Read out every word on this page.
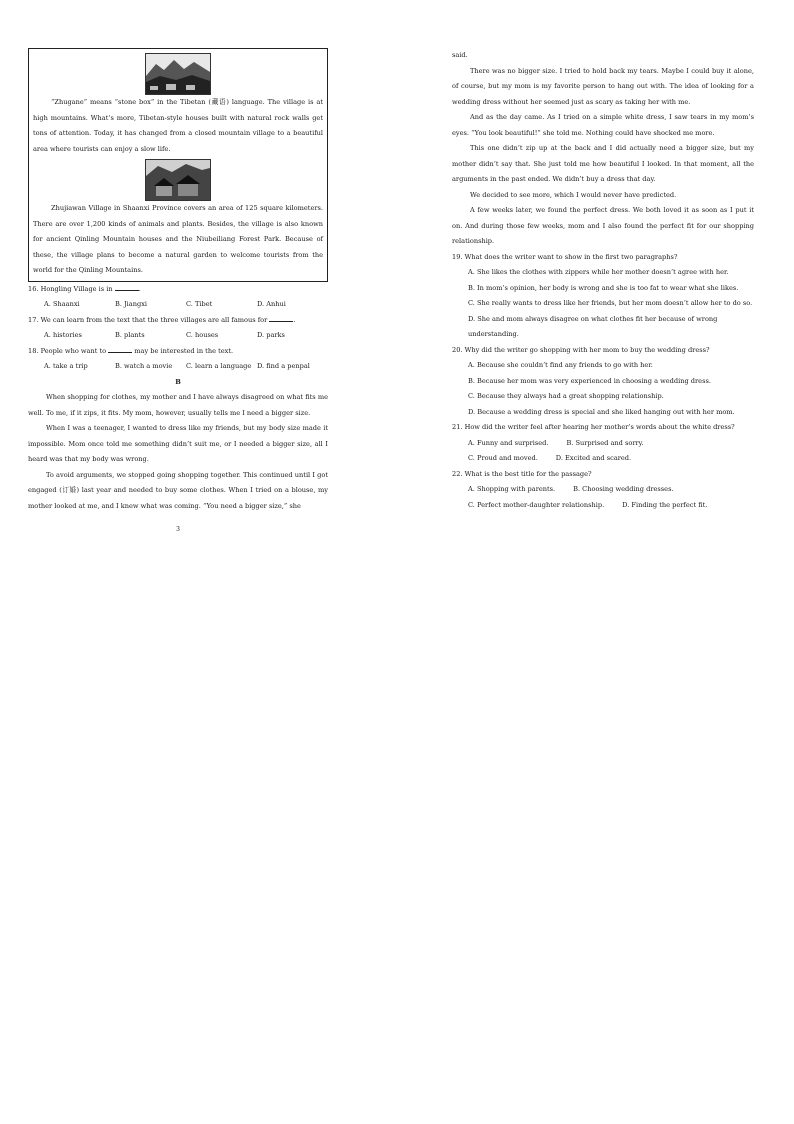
“Zhugane” means “stone box” in the Tibetan (藏语) language. The village is at high mountains. What’s more, Tibetan-style houses built with natural rock walls get tons of attention. Today, it has changed from a closed mountain village to a beautiful area where tourists can enjoy a slow life.

Zhujiawan Village in Shaanxi Province covers an area of 125 square kilometers. There are over 1,200 kinds of animals and plants. Besides, the village is also known for ancient Qinling Mountain houses and the Niubeiliang Forest Park. Because of these, the village plans to become a natural garden to welcome tourists from the world for the Qinling Mountains.

16. Hongling Village is in	.

A. Shaanxi	B. Jiangxi	C. Tibet	D. Anhui

17. We can learn from the text that the three villages are all famous for	.

A. histories	B. plants	C. houses	D. parks

18. People who want to	may be interested in the text.

A. take a trip	B. watch a movie	C. learn a language D. find a penpal

B

When shopping for clothes, my mother and I have always disagreed on what fits me well. To me, if it zips, it fits. My mom, however, usually tells me I need a bigger size.

When I was a teenager, I wanted to dress like my friends, but my body size made it impossible. Mom once told me something didn’t suit me, or I needed a bigger size, all I heard was that my body was wrong.

To avoid arguments, we stopped going shopping together. This continued until I got engaged (订婚) last year and needed to buy some clothes. When I tried on a blouse, my mother looked at me, and I knew what was coming. “You need a bigger size,” she

3

said.

There was no bigger size. I tried to hold back my tears. Maybe I could buy it alone, of course, but my mom is my favorite person to hang out with. The idea of looking for a wedding dress without her seemed just as scary as taking her with me.

And as the day came. As I tried on a simple white dress, I saw tears in my mom’s eyes. “You look beautiful!” she told me. Nothing could have shocked me more.

This one didn’t zip up at the back and I did actually need a bigger size, but my mother didn’t say that. She just told me how beautiful I looked. In that moment, all the arguments in the past ended. We didn’t buy a dress that day.

We decided to see more, which I would never have predicted.

A few weeks later, we found the perfect dress. We both loved it as soon as I put it on. And during those few weeks, mom and I also found the perfect fit for our shopping relationship.

19. What does the writer want to show in the first two paragraphs?

A. She likes the clothes with zippers while her mother doesn’t agree with her.

B. In mom’s opinion, her body is wrong and she is too fat to wear what she likes.

C. She really wants to dress like her friends, but her mom doesn’t allow her to do so.

D. She and mom always disagree on what clothes fit her because of wrong understanding.

20. Why did the writer go shopping with her mom to buy the wedding dress?

A. Because she couldn’t find any friends to go with her.

B. Because her mom was very experienced in choosing a wedding dress.

C. Because they always had a great shopping relationship.

D. Because a wedding dress is special and she liked hanging out with her mom.

21. How did the writer feel after hearing her mother’s words about the white dress?

A. Funny and surprised.	B. Surprised and sorry.
C. Proud and moved.	D. Excited and scared.

22. What is the best title for the passage?

A. Shopping with parents.	B. Choosing wedding dresses.
C. Perfect mother-daughter relationship.	D. Finding the perfect fit.
